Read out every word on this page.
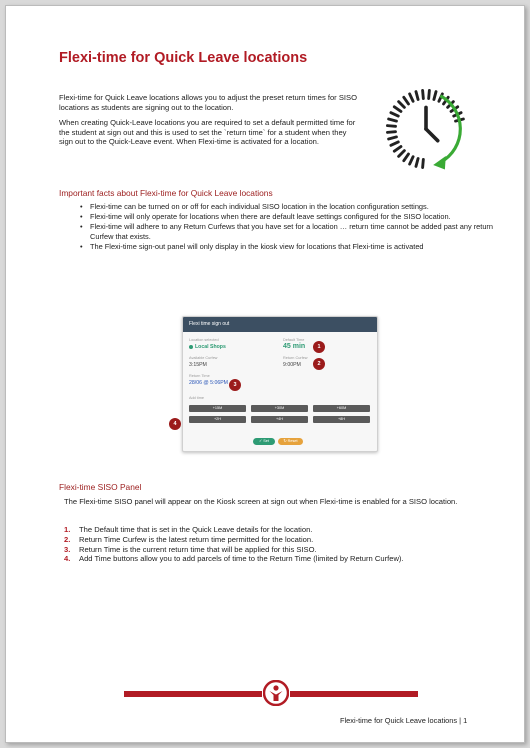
Flexi-time for Quick Leave locations

Flexi-time for Quick Leave locations allows you to adjust the preset return times for SISO locations as students are signing out to the location.

When creating Quick-Leave locations you are required to set a default permitted time for the student at sign out and this is used to set the `return time` for a student when they sign out to the Quick-Leave event. When Flexi-time is activated for a location.

Important facts about Flexi-time for Quick Leave locations
• Flexi-time can be turned on or off for each individual SISO location in the location configuration settings.
• Flexi-time will only operate for locations when there are default leave settings configured for the SISO location.
• Flexi-time will adhere to any Return Curfews that you have set for a location … return time cannot be added past any return Curfew that exists.
• The Flexi-time sign-out panel will only display in the kiosk view for locations that Flexi-time is activated
Flexi time sign out
Location selected
Local Shops
Default Time
45 min
Available Curfew
3:15PM
Return Curfew
9:00PM
Return Time
28/06 @ 5:06PM
Add time
+15M	+30M	+60M
+2H	+4H	+8H
✓ Set	↻ Reset
1
2
3
4
Flexi-time SISO Panel

The Flexi-time SISO panel will appear on the Kiosk screen at sign out when Flexi-time is enabled for a SISO location.

1. The Default time that is set in the Quick Leave details for the location.
2. Return Time Curfew is the latest return time permitted for the location.
3. Return Time is the current return time that will be applied for this SISO.
4. Add Time buttons allow you to add parcels of time to the Return Time (limited by Return Curfew).
Flexi-time for Quick Leave locations | 1
